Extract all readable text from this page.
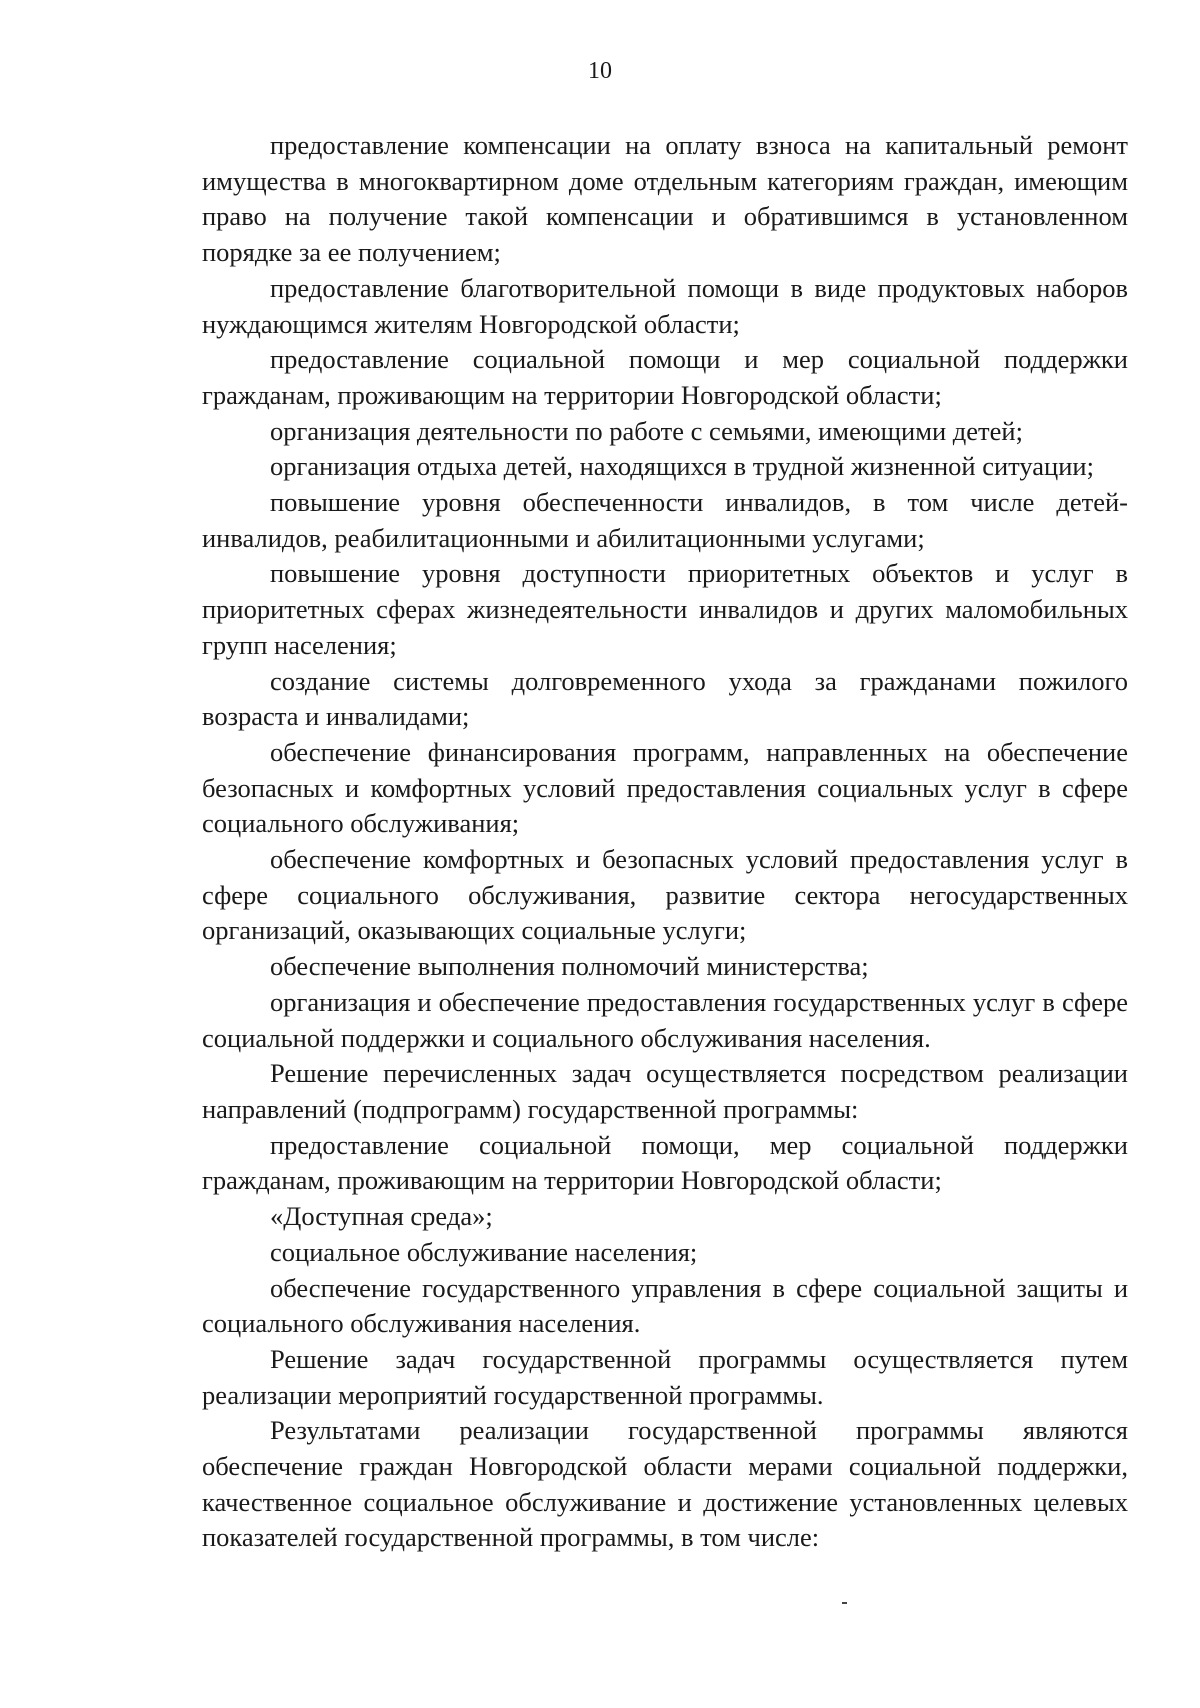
10

предоставление компенсации на оплату взноса на капитальный ремонт имущества в многоквартирном доме отдельным категориям граждан, имеющим право на получение такой компенсации и обратившимся в установленном порядке за ее получением;

предоставление благотворительной помощи в виде продуктовых наборов нуждающимся жителям Новгородской области;

предоставление социальной помощи и мер социальной поддержки гражданам, проживающим на территории Новгородской области;

организация деятельности по работе с семьями, имеющими детей;

организация отдыха детей, находящихся в трудной жизненной ситуации;

повышение уровня обеспеченности инвалидов, в том числе детей-инвалидов, реабилитационными и абилитационными услугами;

повышение уровня доступности приоритетных объектов и услуг в приоритетных сферах жизнедеятельности инвалидов и других маломобильных групп населения;

создание системы долговременного ухода за гражданами пожилого возраста и инвалидами;

обеспечение финансирования программ, направленных на обеспечение безопасных и комфортных условий предоставления социальных услуг в сфере социального обслуживания;

обеспечение комфортных и безопасных условий предоставления услуг в сфере социального обслуживания, развитие сектора негосударственных организаций, оказывающих социальные услуги;

обеспечение выполнения полномочий министерства;

организация и обеспечение предоставления государственных услуг в сфере социальной поддержки и социального обслуживания населения.

Решение перечисленных задач осуществляется посредством реализации направлений (подпрограмм) государственной программы:

предоставление социальной помощи, мер социальной поддержки гражданам, проживающим на территории Новгородской области;

«Доступная среда»;

социальное обслуживание населения;

обеспечение государственного управления в сфере социальной защиты и социального обслуживания населения.

Решение задач государственной программы осуществляется путем реализации мероприятий государственной программы.

Результатами реализации государственной программы являются обеспечение граждан Новгородской области мерами социальной поддержки, качественное социальное обслуживание и достижение установленных целевых показателей государственной программы, в том числе:
